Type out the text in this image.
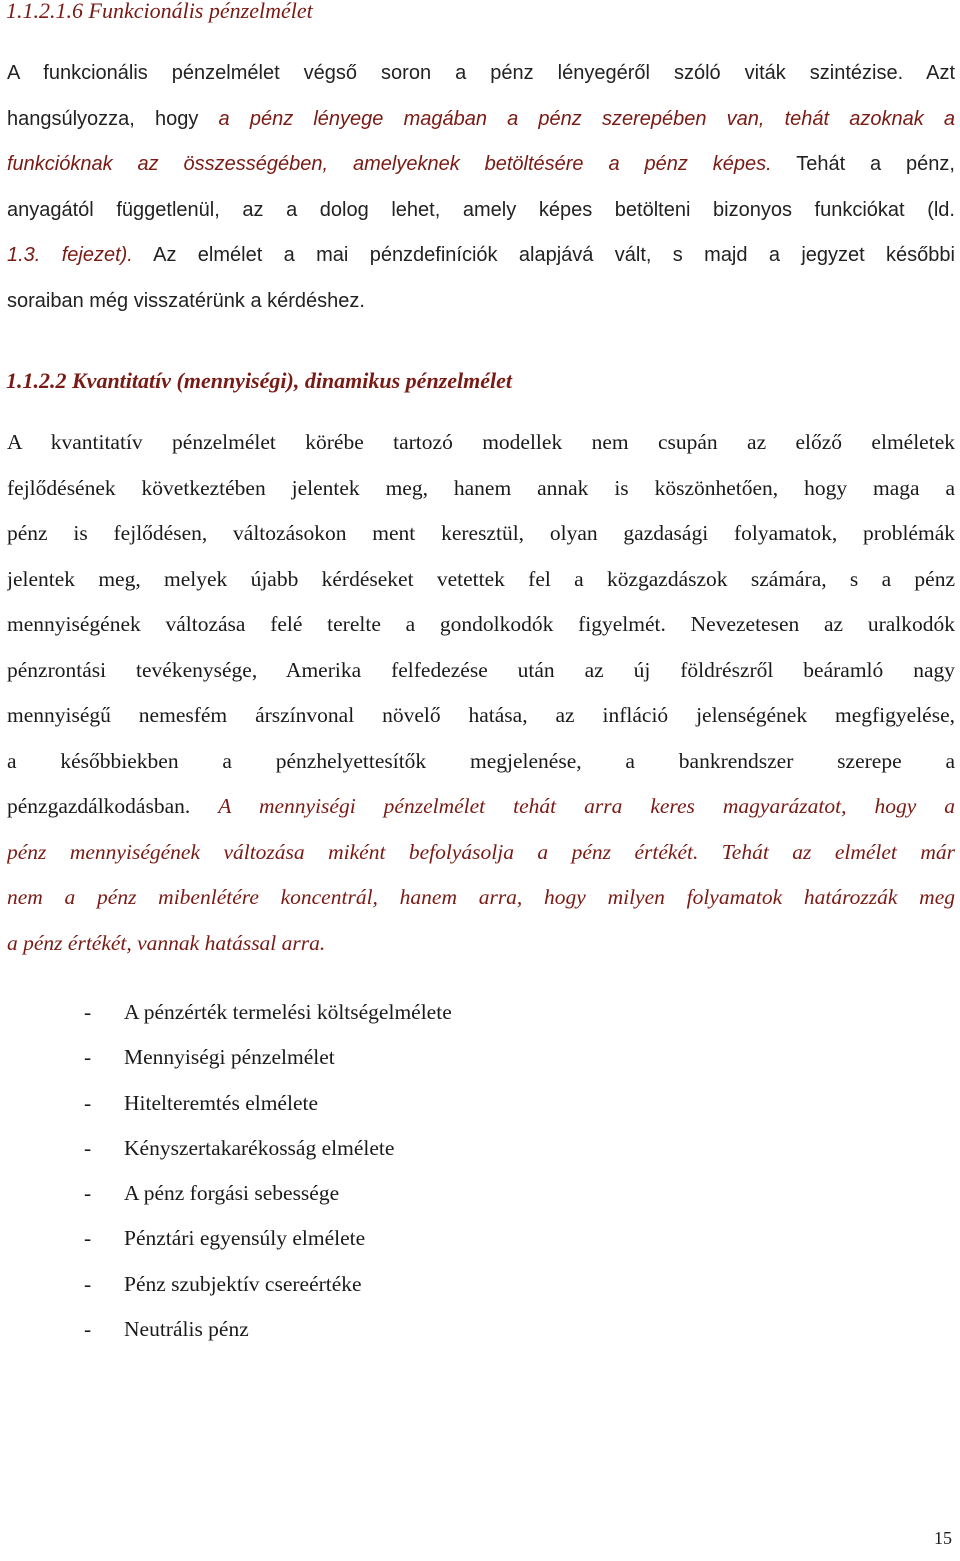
1.1.2.1.6 Funkcionális pénzelmélet
A funkcionális pénzelmélet végső soron a pénz lényegéről szóló viták szintézise. Azt
hangsúlyozza, hogy a pénz lényege magában a pénz szerepében van, tehát azoknak a
funkcióknak az összességében, amelyeknek betöltésére a pénz képes. Tehát a pénz,
anyagától függetlenül, az a dolog lehet, amely képes betölteni bizonyos funkciókat (ld.
1.3. fejezet). Az elmélet a mai pénzdefiníciók alapjává vált, s majd a jegyzet későbbi
soraiban még visszatérünk a kérdéshez.
1.1.2.2 Kvantitatív (mennyiségi), dinamikus pénzelmélet
A kvantitatív pénzelmélet körébe tartozó modellek nem csupán az előző elméletek
fejlődésének következtében jelentek meg, hanem annak is köszönhetően, hogy maga a
pénz is fejlődésen, változásokon ment keresztül, olyan gazdasági folyamatok, problémák
jelentek meg, melyek újabb kérdéseket vetettek fel a közgazdászok számára, s a pénz
mennyiségének változása felé terelte a gondolkodók figyelmét. Nevezetesen az uralkodók
pénzrontási tevékenysége, Amerika felfedezése után az új földrészről beáramló nagy
mennyiségű nemesfém árszínvonal növelő hatása, az infláció jelenségének megfigyelése,
a későbbiekben a pénzhelyettesítők megjelenése, a bankrendszer szerepe a
pénzgazdálkodásban. A mennyiségi pénzelmélet tehát arra keres magyarázatot, hogy a
pénz mennyiségének változása miként befolyásolja a pénz értékét. Tehát az elmélet már
nem a pénz mibenlétére koncentrál, hanem arra, hogy milyen folyamatok határozzák meg
a pénz értékét, vannak hatással arra.
- A pénzérték termelési költségelmélete
- Mennyiségi pénzelmélet
- Hitelteremtés elmélete
- Kényszertakarékosság elmélete
- A pénz forgási sebessége
- Pénztári egyensúly elmélete
- Pénz szubjektív csereértéke
- Neutrális pénz
15
